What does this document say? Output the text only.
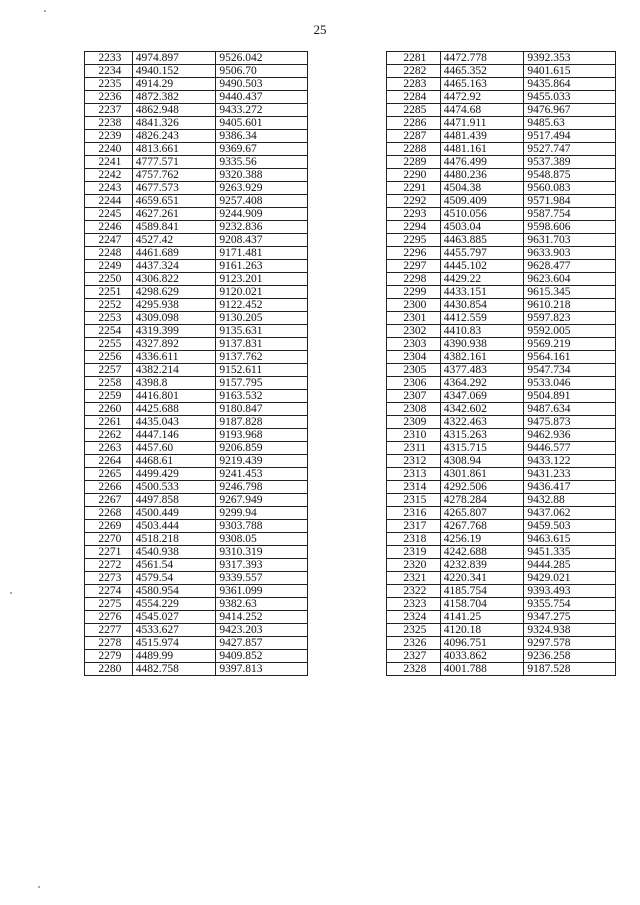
25
2233	4974.897	9526.042
2234	4940.152	9506.70
2235	4914.29	9490.503
2236	4872.382	9440.437
2237	4862.948	9433.272
2238	4841.326	9405.601
2239	4826.243	9386.34
2240	4813.661	9369.67
2241	4777.571	9335.56
2242	4757.762	9320.388
2243	4677.573	9263.929
2244	4659.651	9257.408
2245	4627.261	9244.909
2246	4589.841	9232.836
2247	4527.42	9208.437
2248	4461.689	9171.481
2249	4437.324	9161.263
2250	4306.822	9123.201
2251	4298.629	9120.021
2252	4295.938	9122.452
2253	4309.098	9130.205
2254	4319.399	9135.631
2255	4327.892	9137.831
2256	4336.611	9137.762
2257	4382.214	9152.611
2258	4398.8	9157.795
2259	4416.801	9163.532
2260	4425.688	9180.847
2261	4435.043	9187.828
2262	4447.146	9193.968
2263	4457.60	9206.859
2264	4468.61	9219.439
2265	4499.429	9241.453
2266	4500.533	9246.798
2267	4497.858	9267.949
2268	4500.449	9299.94
2269	4503.444	9303.788
2270	4518.218	9308.05
2271	4540.938	9310.319
2272	4561.54	9317.393
2273	4579.54	9339.557
2274	4580.954	9361.099
2275	4554.229	9382.63
2276	4545.027	9414.252
2277	4533.627	9423.203
2278	4515.974	9427.857
2279	4489.99	9409.852
2280	4482.758	9397.813
2281	4472.778	9392.353
2282	4465.352	9401.615
2283	4465.163	9435.864
2284	4472.92	9455.033
2285	4474.68	9476.967
2286	4471.911	9485.63
2287	4481.439	9517.494
2288	4481.161	9527.747
2289	4476.499	9537.389
2290	4480.236	9548.875
2291	4504.38	9560.083
2292	4509.409	9571.984
2293	4510.056	9587.754
2294	4503.04	9598.606
2295	4463.885	9631.703
2296	4455.797	9633.903
2297	4445.102	9628.477
2298	4429.22	9623.604
2299	4433.151	9615.345
2300	4430.854	9610.218
2301	4412.559	9597.823
2302	4410.83	9592.005
2303	4390.938	9569.219
2304	4382.161	9564.161
2305	4377.483	9547.734
2306	4364.292	9533.046
2307	4347.069	9504.891
2308	4342.602	9487.634
2309	4322.463	9475.873
2310	4315.263	9462.936
2311	4315.715	9446.577
2312	4308.94	9433.122
2313	4301.861	9431.233
2314	4292.506	9436.417
2315	4278.284	9432.88
2316	4265.807	9437.062
2317	4267.768	9459.503
2318	4256.19	9463.615
2319	4242.688	9451.335
2320	4232.839	9444.285
2321	4220.341	9429.021
2322	4185.754	9393.493
2323	4158.704	9355.754
2324	4141.25	9347.275
2325	4120.18	9324.938
2326	4096.751	9297.578
2327	4033.862	9236.258
2328	4001.788	9187.528
